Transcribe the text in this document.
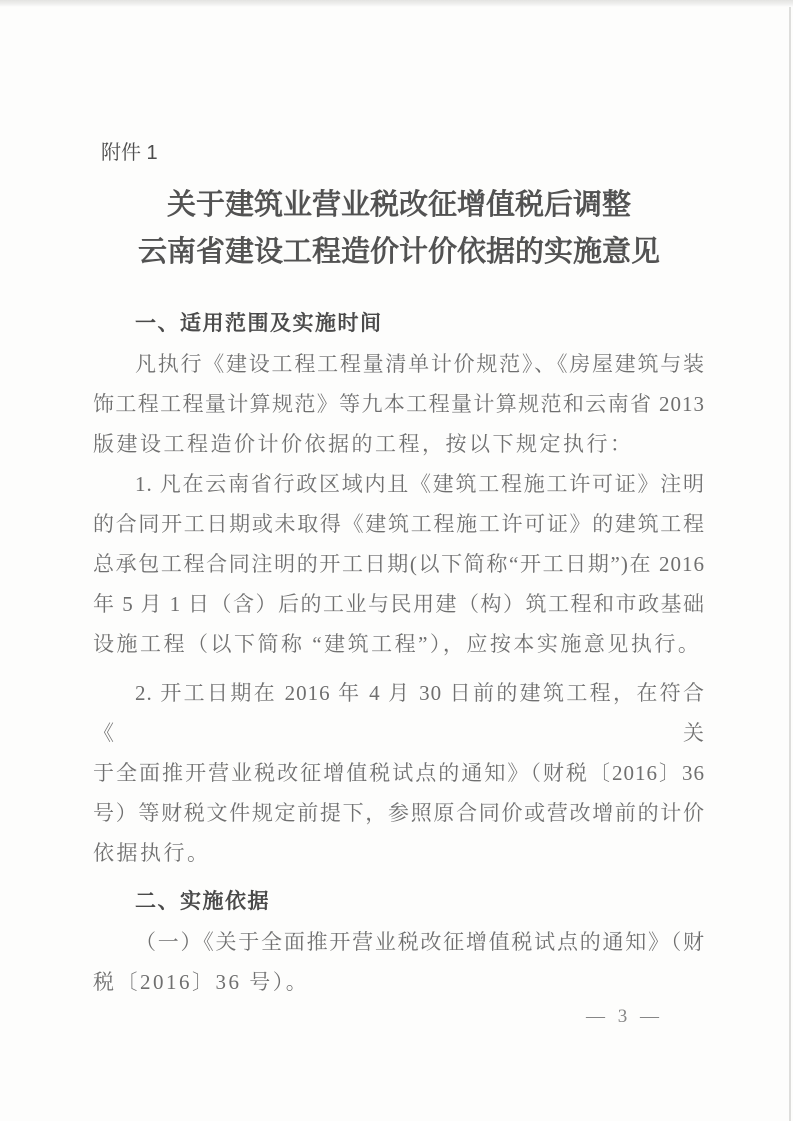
附件 1
关于建筑业营业税改征增值税后调整
云南省建设工程造价计价依据的实施意见
一、适用范围及实施时间
凡执行《建设工程工程量清单计价规范》、《房屋建筑与装
饰工程工程量计算规范》等九本工程量计算规范和云南省 2013
版建设工程造价计价依据的工程，按以下规定执行：
1. 凡在云南省行政区域内且《建筑工程施工许可证》注明
的合同开工日期或未取得《建筑工程施工许可证》的建筑工程
总承包工程合同注明的开工日期(以下简称“开工日期”)在 2016
年 5 月 1 日（含）后的工业与民用建（构）筑工程和市政基础
设施工程（以下简称 “建筑工程”），应按本实施意见执行。
2. 开工日期在 2016 年 4 月 30 日前的建筑工程，在符合《关
于全面推开营业税改征增值税试点的通知》（财税〔2016〕36
号）等财税文件规定前提下，参照原合同价或营改增前的计价
依据执行。
二、实施依据
（一）《关于全面推开营业税改征增值税试点的通知》（财
税〔2016〕36 号）。
— 3 —
